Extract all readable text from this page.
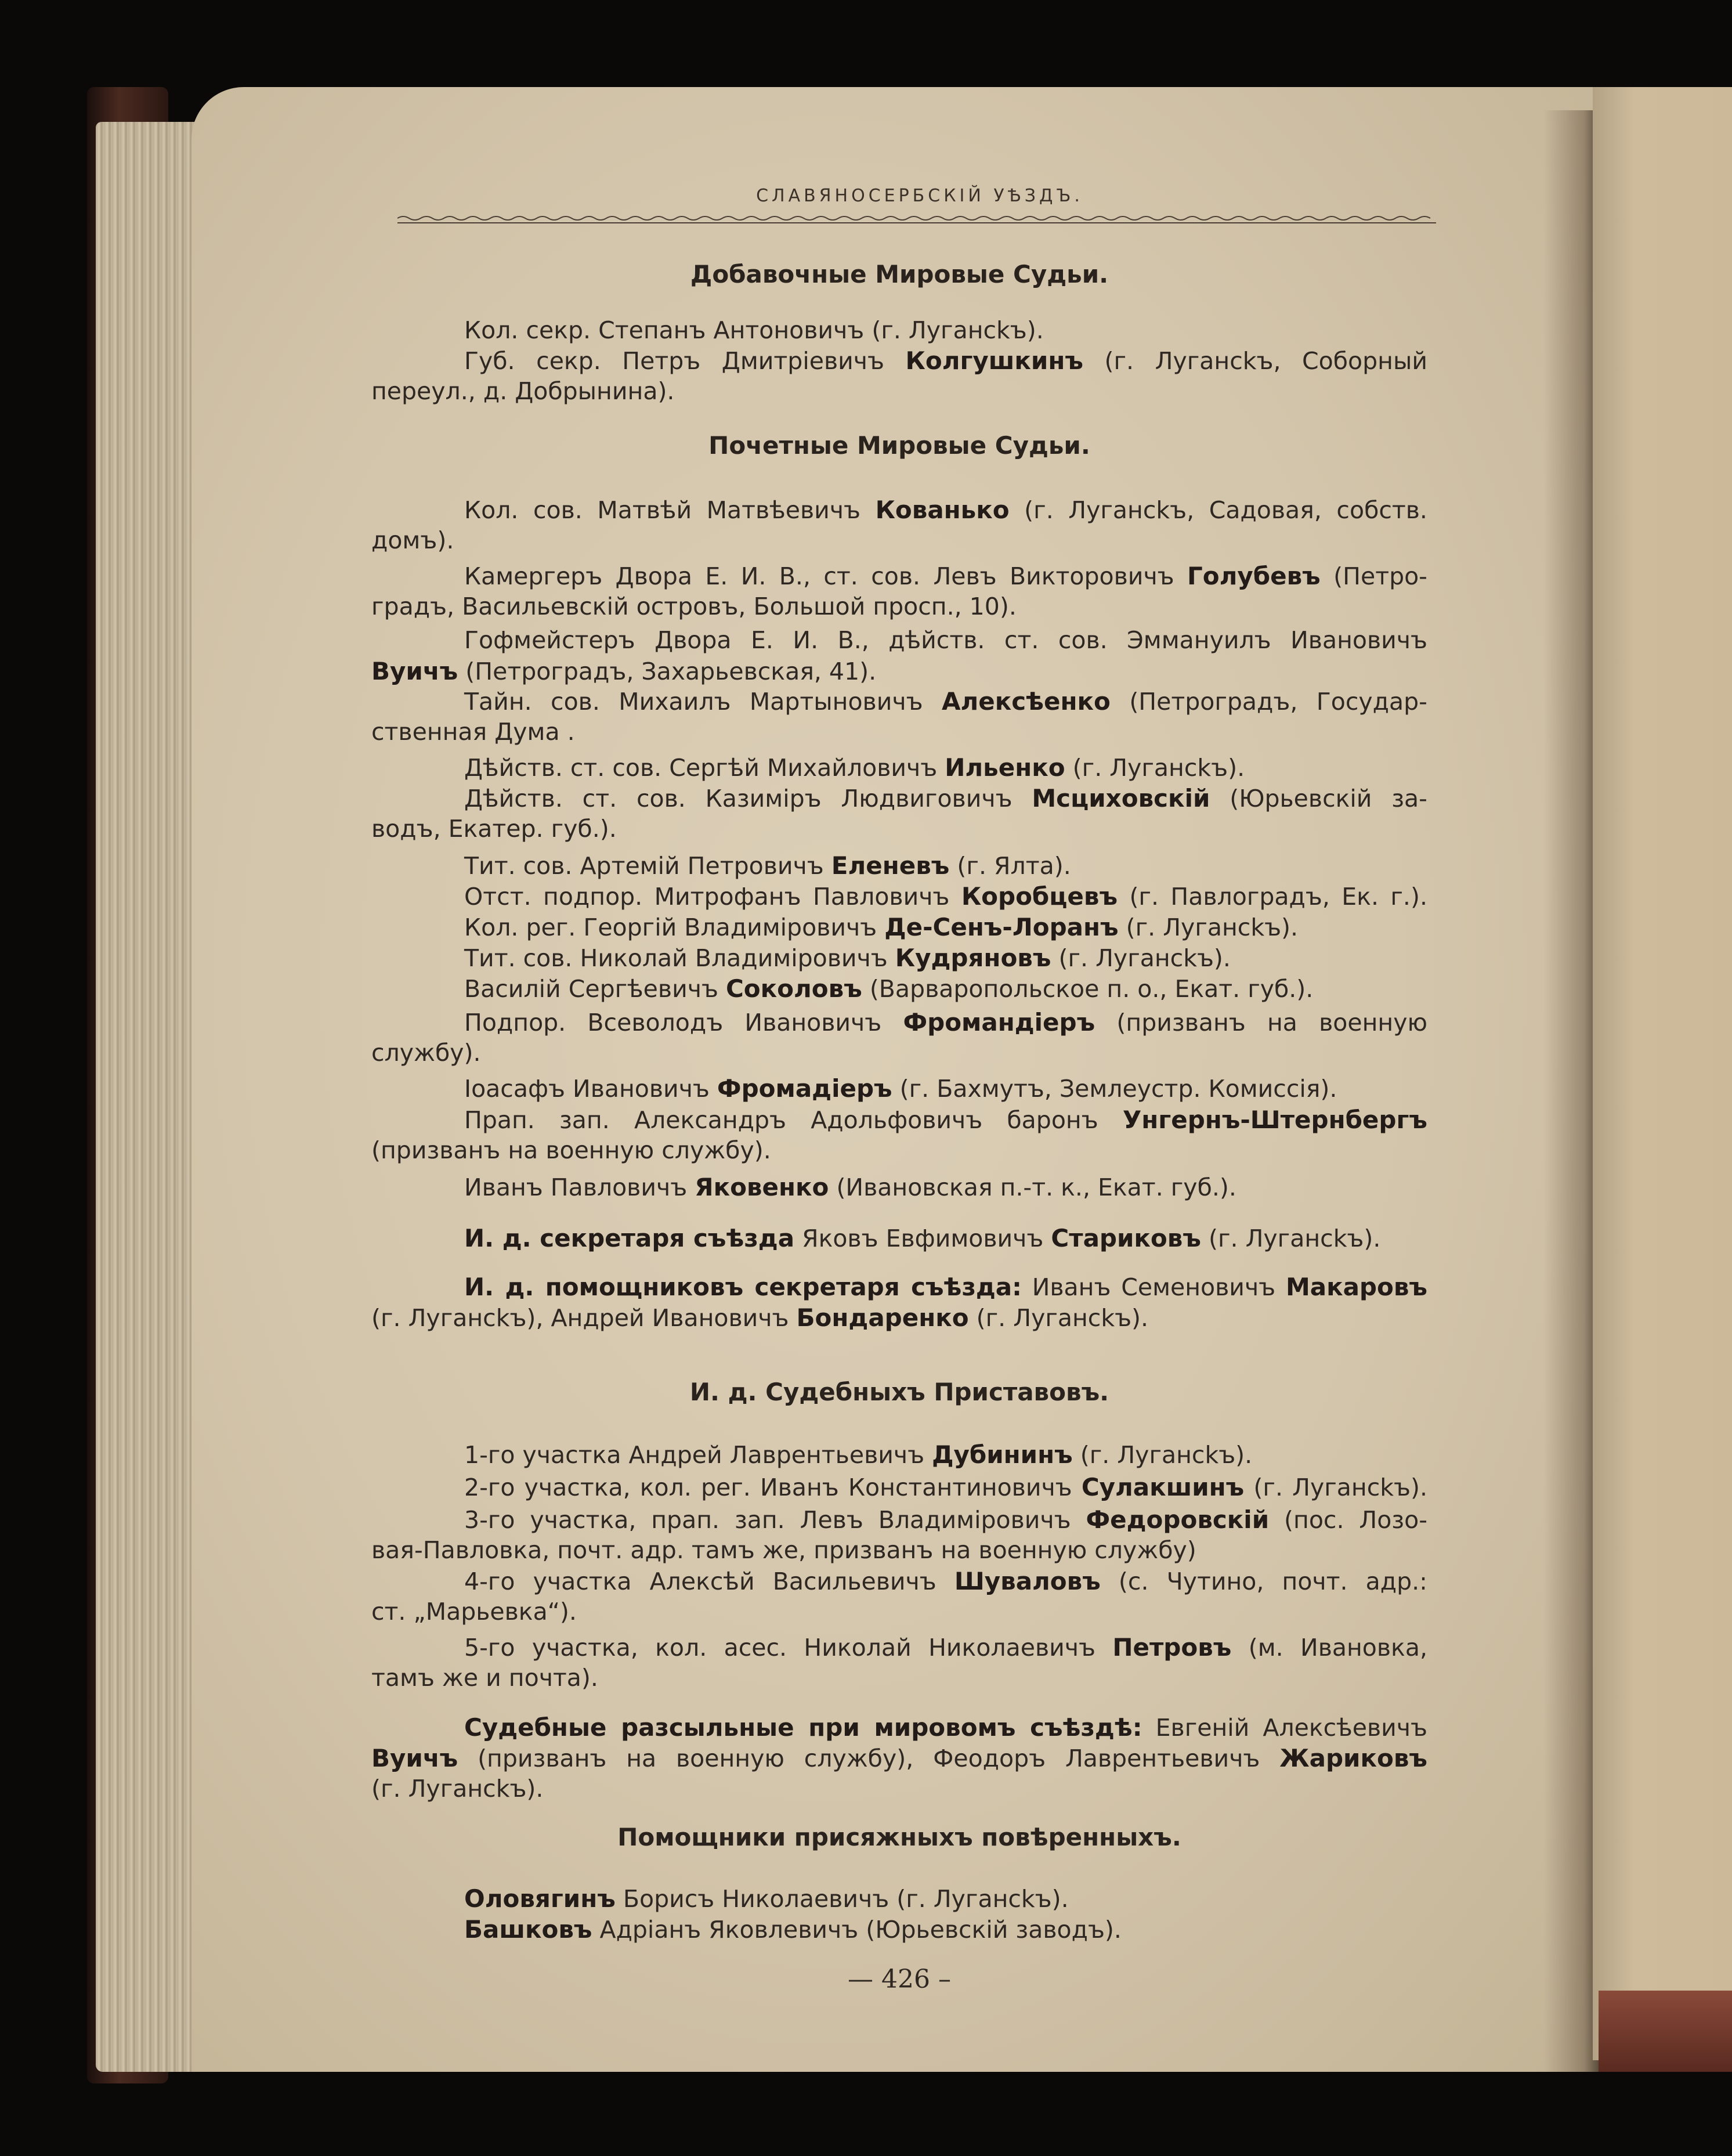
СЛАВЯНОСЕРБСКІЙ УѢЗДЪ.
Добавочные Мировые Судьи.
Кол. секр. Степанъ Антоновичъ (г. Лугансkъ).
Губ. секр. Петръ Дмитріевичъ Колгушкинъ (г. Лугансkъ, Соборный
переул., д. Добрынина).
Почетные Мировые Судьи.
Кол. сов. Матвѣй Матвѣевичъ Кованько (г. Лугансkъ, Садовая, собств.
домъ).
Камергеръ Двора Е. И. В., ст. сов. Левъ Викторовичъ Голубевъ (Петро-
градъ, Васильевскій островъ, Большой просп., 10).
Гофмейстеръ Двора Е. И. В., дѣйств. ст. сов. Эммануилъ Ивановичъ
Вуичъ (Петроградъ, Захарьевская, 41).
Тайн. сов. Михаилъ Мартыновичъ Алексѣенко (Петроградъ, Государ-
ственная Дума .
Дѣйств. ст. сов. Сергѣй Михайловичъ Ильенко (г. Лугансkъ).
Дѣйств. ст. сов. Казиміръ Людвиговичъ Мсциховскій (Юрьевскій за-
водъ, Екатер. губ.).
Тит. сов. Артемій Петровичъ Еленевъ (г. Ялта).
Отст. подпор. Митрофанъ Павловичъ Коробцевъ (г. Павлоградъ, Ек. г.).
Кол. рег. Георгій Владиміровичъ Де-Сенъ-Лоранъ (г. Лугансkъ).
Тит. сов. Николай Владиміровичъ Кудряновъ (г. Лугансkъ).
Василій Сергѣевичъ Соколовъ (Варваропольское п. о., Екат. губ.).
Подпор. Всеволодъ Ивановичъ Фромандіеръ (призванъ на военную
службу).
Іоасафъ Ивановичъ Фромадіеръ (г. Бахмутъ, Землеустр. Комиссія).
Прап. зап. Александръ Адольфовичъ баронъ Унгернъ-Штернбергъ
(призванъ на военную службу).
Иванъ Павловичъ Яковенко (Ивановская п.-т. к., Екат. губ.).
И. д. секретаря съѣзда Яковъ Евфимовичъ Стариковъ (г. Лугансkъ).
И. д. помощниковъ секретаря съѣзда: Иванъ Семеновичъ Макаровъ
(г. Лугансkъ), Андрей Ивановичъ Бондаренко (г. Лугансkъ).
И. д. Судебныхъ Приставовъ.
1-го участка Андрей Лаврентьевичъ Дубининъ (г. Лугансkъ).
2-го участка, кол. рег. Иванъ Константиновичъ Сулакшинъ (г. Лугансkъ).
3-го участка, прап. зап. Левъ Владиміровичъ Федоровскій (пос. Лозо-
вая-Павловка, почт. адр. тамъ же, призванъ на военную службу)
4-го участка Алексѣй Васильевичъ Шуваловъ (с. Чутино, почт. адр.:
ст. „Марьевка“).
5-го участка, кол. асес. Николай Николаевичъ Петровъ (м. Ивановка,
тамъ же и почта).
Судебные разсыльные при мировомъ съѣздѣ: Евгеній Алексѣевичъ
Вуичъ (призванъ на военную службу), Феодоръ Лаврентьевичъ Жариковъ
(г. Лугансkъ).
Помощники присяжныхъ повѣренныхъ.
Оловягинъ Борисъ Николаевичъ (г. Лугансkъ).
Башковъ Адріанъ Яковлевичъ (Юрьевскій заводъ).
— 426 –
